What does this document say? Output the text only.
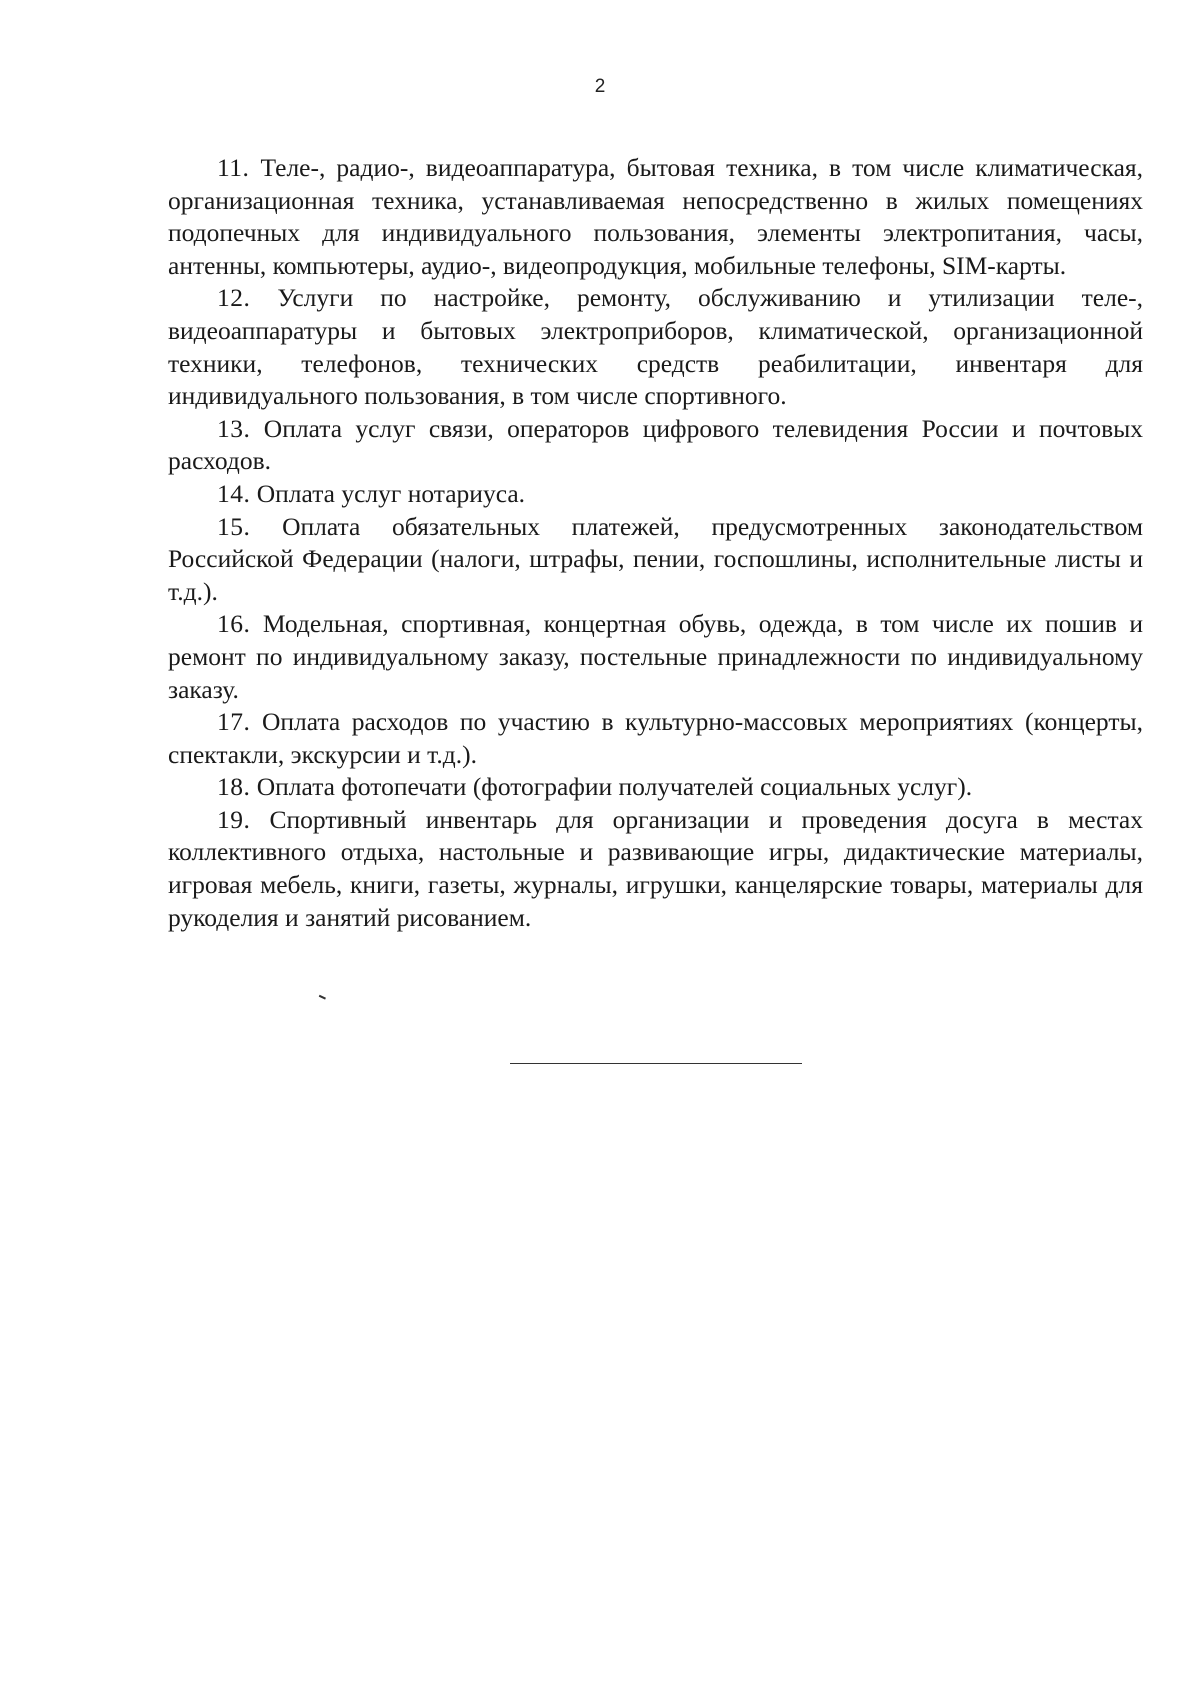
2

11. Теле-, радио-, видеоаппаратура, бытовая техника, в том числе климатическая, организационная техника, устанавливаемая непосредственно в жилых помещениях подопечных для индивидуального пользования, элементы электропитания, часы, антенны, компьютеры, аудио-, видеопродукция, мобильные телефоны, SIM-карты.

12. Услуги по настройке, ремонту, обслуживанию и утилизации теле-, видеоаппаратуры и бытовых электроприборов, климатической, организационной техники, телефонов, технических средств реабилитации, инвентаря для индивидуального пользования, в том числе спортивного.

13. Оплата услуг связи, операторов цифрового телевидения России и почтовых расходов.

14. Оплата услуг нотариуса.

15. Оплата обязательных платежей, предусмотренных законодательством Российской Федерации (налоги, штрафы, пении, госпошлины, исполнительные листы и т.д.).

16. Модельная, спортивная, концертная обувь, одежда, в том числе их пошив и ремонт по индивидуальному заказу, постельные принадлежности по индивидуальному заказу.

17. Оплата расходов по участию в культурно-массовых мероприятиях (концерты, спектакли, экскурсии и т.д.).

18. Оплата фотопечати (фотографии получателей социальных услуг).

19. Спортивный инвентарь для организации и проведения досуга в местах коллективного отдыха, настольные и развивающие игры, дидактические материалы, игровая мебель, книги, газеты, журналы, игрушки, канцелярские товары, материалы для рукоделия и занятий рисованием.
